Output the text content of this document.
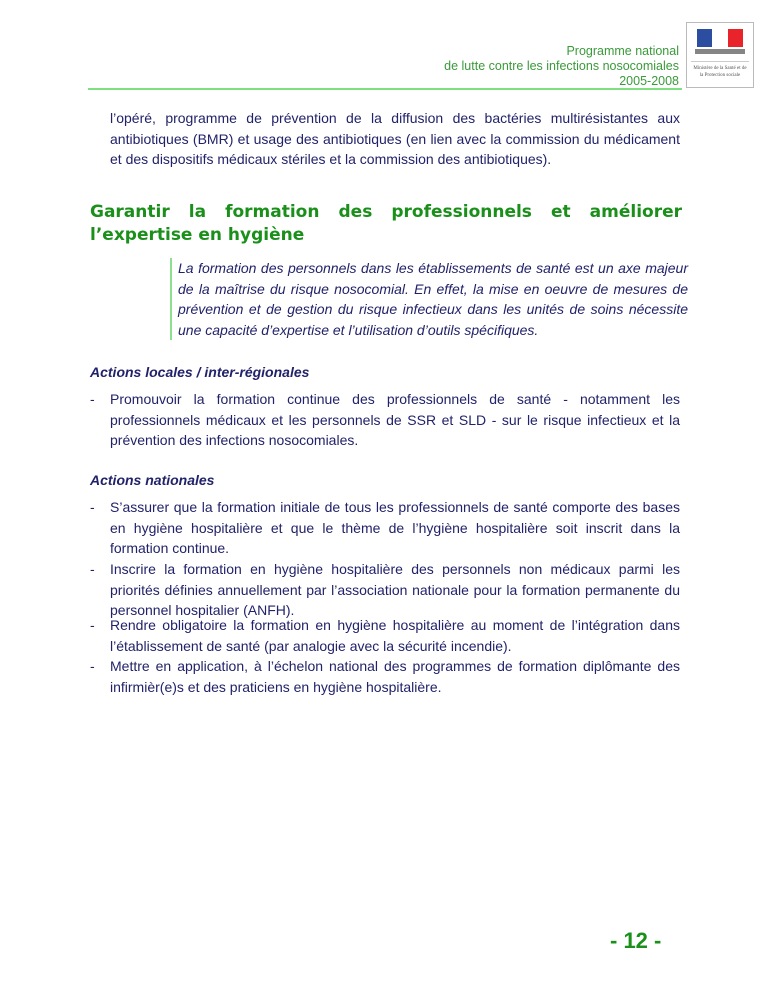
Programme national
de lutte contre les infections nosocomiales
2005-2008
Ministère de la Santé et de la Protection sociale
l’opéré, programme de prévention de la diffusion des bactéries multirésistantes aux antibiotiques (BMR) et usage des antibiotiques (en lien avec la commission du médicament et des dispositifs médicaux stériles et la commission des antibiotiques).
Garantir la formation des professionnels et améliorer l’expertise en hygiène
La formation des personnels dans les établissements de santé est un axe majeur de la maîtrise du risque nosocomial. En effet, la mise en oeuvre de mesures de prévention et de gestion du risque infectieux dans les unités de soins nécessite une capacité d’expertise et l’utilisation d’outils spécifiques.
Actions locales / inter-régionales
- Promouvoir la formation continue des professionnels de santé - notamment les professionnels médicaux et les personnels de SSR et SLD - sur le risque infectieux et la prévention des infections nosocomiales.
Actions nationales
- S’assurer que la formation initiale de tous les professionnels de santé comporte des bases en hygiène hospitalière et que le thème de l’hygiène hospitalière soit inscrit dans la formation continue.
- Inscrire la formation en hygiène hospitalière des personnels non médicaux parmi les priorités définies annuellement par l’association nationale pour la formation permanente du personnel hospitalier (ANFH).
- Rendre obligatoire la formation en hygiène hospitalière au moment de l’intégration dans l’établissement de santé (par analogie avec la sécurité incendie).
- Mettre en application, à l’échelon national des programmes de formation diplômante des infirmièr(e)s et des praticiens en hygiène hospitalière.
- 12 -
